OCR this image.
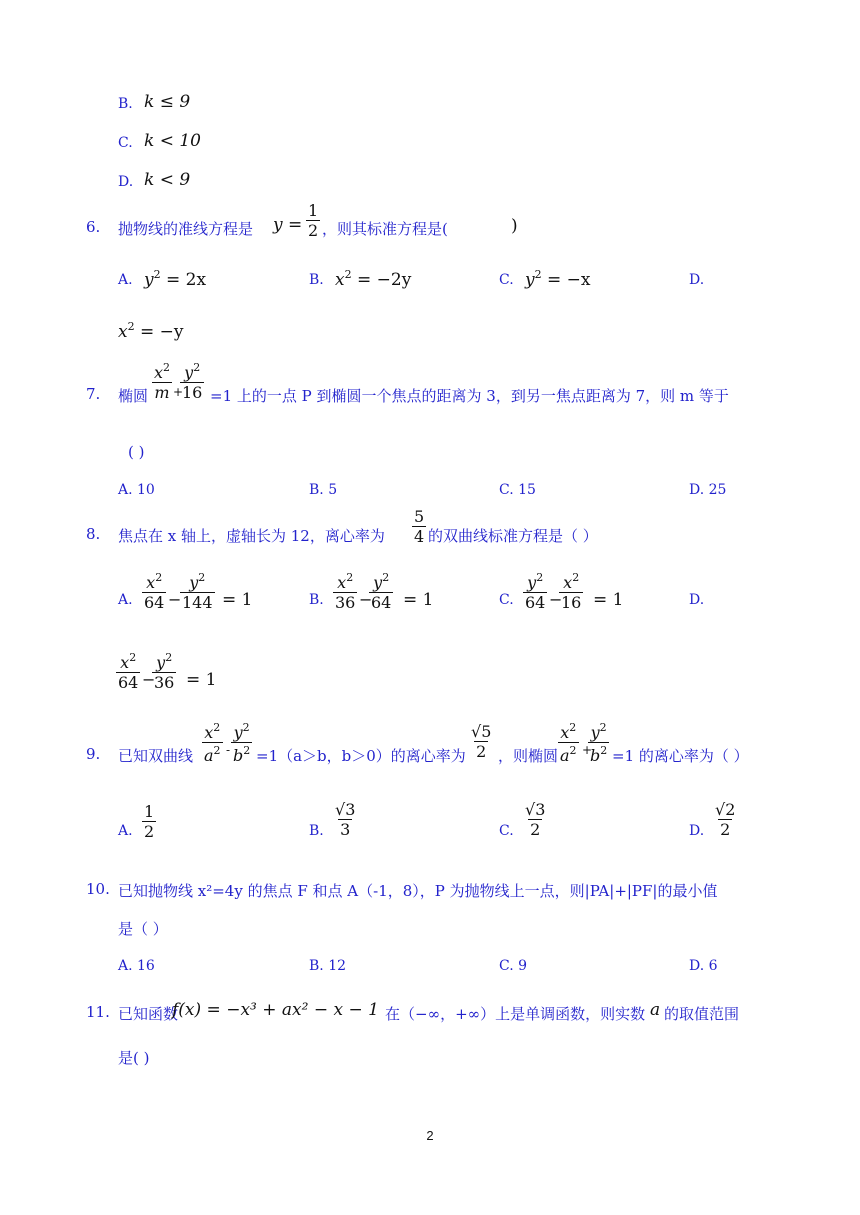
B. k ≤ 9
C. k < 10
D. k < 9
6. 抛物线的准线方程是 $y = \frac{1}{2}$ ，则其标准方程是(	)
A. $y^2 = 2x$	B. $x^2 = -2y$	C. $y^2 = -x$	D.
$x^2 = -y$
7. 椭圆 $\frac{x^2}{m}$ +
$\frac{y^2}{16} =1$ 上的一点 P 到椭圆一个焦点的距离为 3，到另一焦点距离为 7，则 m 等于
( )
A. 10	B. 5	C. 15	D. 25
8. 焦点在 x 轴上，虚轴长为 12，离心率为 $\frac{5}{4}$ 的双曲线标准方程是（ ）
A. $\frac{x^2}{64}$ −
$\frac{y^2}{144} = 1$	B. $\frac{x^2}{36}$ −
$\frac{y^2}{64} = 1$	C. $\frac{y^2}{64}$ −
$\frac{x^2}{16} = 1$	D.
$\frac{x^2}{64}$ −
$\frac{y^2}{36} = 1$
9. 已知双曲线 $\frac{x^2}{a^2} - \frac{y^2}{b^2} =1(a>b$，b＞0）的离心率为 $\frac{√5}{2}$ ，则椭圆 $\frac{x^2}{a^2}$ +
$\frac{y^2}{b^2} =1$ 的离心率为（ ）
A. $\frac{1}{2}$	B. $\frac{√3}{3}$	C. $\frac{√3}{2}$	D. $\frac{√2}{2}$
10. 已知抛物线 x²=4y 的焦点 F 和点 A（-1，8），P 为抛物线上一点，则|PA|+|PF|的最小值
是（ ）
A. 16	B. 12	C. 9	D. 6
11. 已知函数
f(x) = −x³ + ax² − x − 1 在（−∞，+∞）上是单调函数，则实数 a 的取值范围
是( )
2
